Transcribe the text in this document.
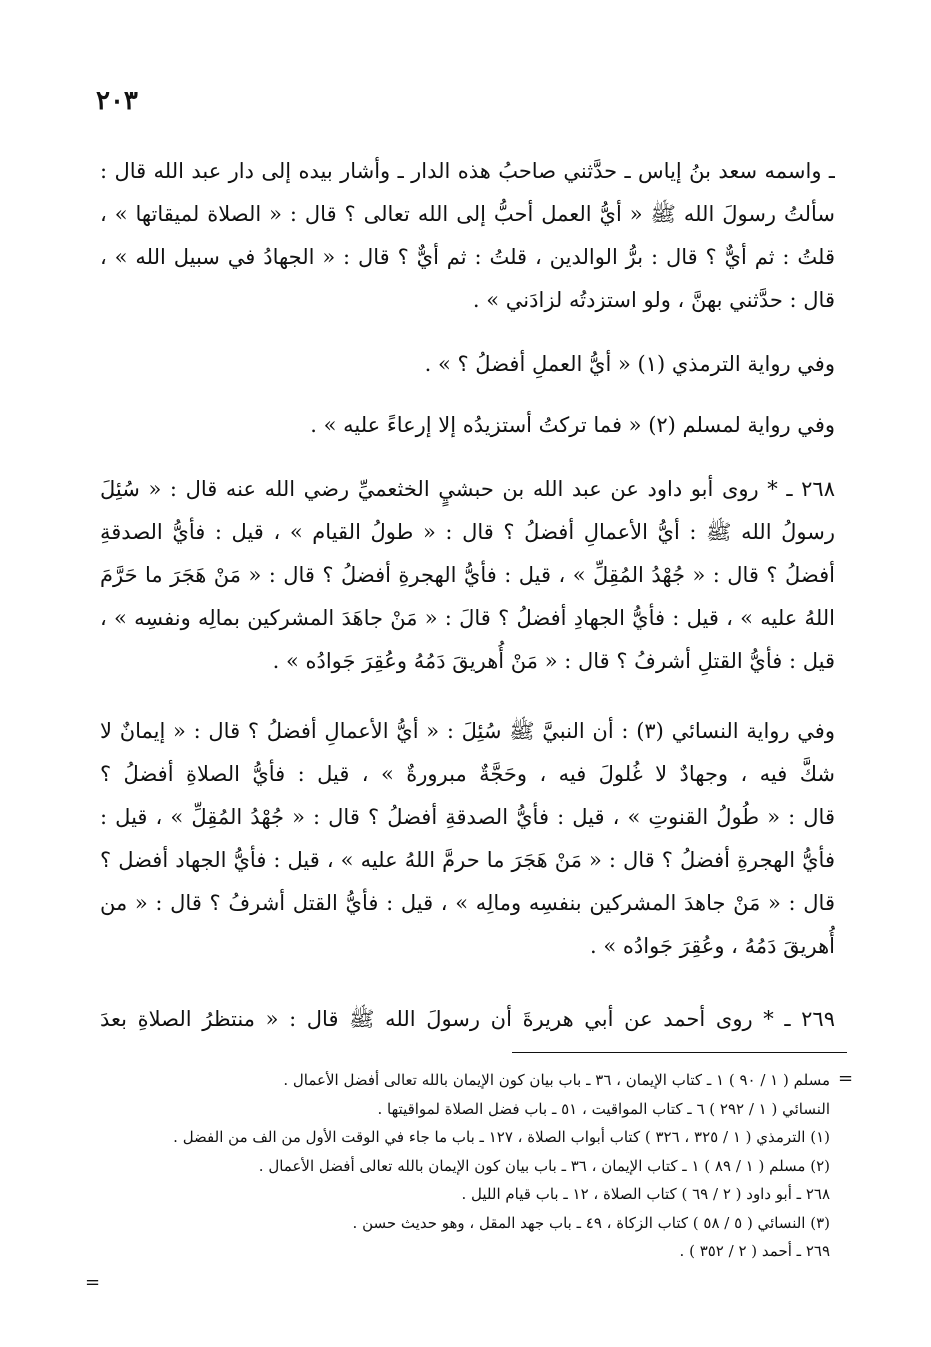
٢٠٣
ـ واسمه سعد بنُ إياس ـ حدَّثني صاحبُ هذه الدار ـ وأشار بيده إلى دار عبد الله قال :
سألتُ رسولَ الله ﷺ « أيُّ العمل أحبُّ إلى الله تعالى ؟ قال : « الصلاة لميقاتها » ،
قلتُ : ثم أيٌّ ؟ قال : برُّ الوالدين ، قلتُ : ثم أيٌّ ؟ قال : « الجهادُ في سبيل الله » ،
قال : حدَّثني بهنَّ ، ولو استزدتُه لزادَني » .
وفي رواية الترمذي (١) « أيُّ العملِ أفضلُ ؟ » .
وفي رواية لمسلم (٢) « فما تركتُ أستزيدُه إلا إرعاءً عليه » .
٢٦٨ ـ * روى أبو داود عن عبد الله بن حبشيٍ الخثعميِّ رضي الله عنه قال : « سُئِلَ
رسولُ الله ﷺ : أيُّ الأعمالِ أفضلُ ؟ قال : « طولُ القيام » ، قيل : فأيُّ الصدقةِ
أفضلُ ؟ قال : « جُهْدُ المُقِلِّ » ، قيل : فأيُّ الهجرةِ أفضلُ ؟ قال : « مَنْ هَجَرَ ما حَرَّمَ
اللهُ عليه » ، قيل : فأيُّ الجهادِ أفضلُ ؟ قالَ : « مَنْ جاهَدَ المشركين بمالِه ونفسِه » ،
قيل : فأيُّ القتلِ أشرفُ ؟ قال : « مَنْ أُهريقَ دَمُهُ وعُقِرَ جَوادُه » .
وفي رواية النسائي (٣) : أن النبيَّ ﷺ سُئِلَ : « أيُّ الأعمالِ أفضلُ ؟ قال : « إيمانٌ لا
شكَّ فيه ، وجهادٌ لا غُلولَ فيه ، وحَجَّةٌ مبرورةٌ » ، قيل : فأيُّ الصلاةِ أفضلُ ؟
قال : « طُولُ القنوتِ » ، قيل : فأيُّ الصدقةِ أفضلُ ؟ قال : « جُهْدُ المُقِلِّ » ، قيل :
فأيُّ الهجرةِ أفضلُ ؟ قال : « مَنْ هَجَرَ ما حرمَّ اللهُ عليه » ، قيل : فأيُّ الجهاد أفضل ؟
قال : « مَنْ جاهدَ المشركين بنفسِه ومالِه » ، قيل : فأيُّ القتل أشرفُ ؟ قال : « من
أُهريقَ دَمُهُ ، وعُقِرَ جَوادُه » .
٢٦٩ ـ * روى أحمد عن أبي هريرةَ أن رسولَ الله ﷺ قال : « منتظرُ الصلاةِ بعدَ
=
مسلم ( ١ / ٩٠ ) ١ ـ كتاب الإيمان ، ٣٦ ـ باب بيان كون الإيمان بالله تعالى أفضل الأعمال .
النسائي ( ١ / ٢٩٢ ) ٦ ـ كتاب المواقيت ، ٥١ ـ باب فضل الصلاة لمواقيتها .
(١) الترمذي ( ١ / ٣٢٥ ، ٣٢٦ ) كتاب أبواب الصلاة ، ١٢٧ ـ باب ما جاء في الوقت الأول من الف من الفضل .
(٢) مسلم ( ١ / ٨٩ ) ١ ـ كتاب الإيمان ، ٣٦ ـ باب بيان كون الإيمان بالله تعالى أفضل الأعمال .
٢٦٨ ـ أبو داود ( ٢ / ٦٩ ) كتاب الصلاة ، ١٢ ـ باب قيام الليل .
(٣) النسائي ( ٥ / ٥٨ ) كتاب الزكاة ، ٤٩ ـ باب جهد المقل ، وهو حديث حسن .
٢٦٩ ـ أحمد ( ٢ / ٣٥٢ ) .
=
